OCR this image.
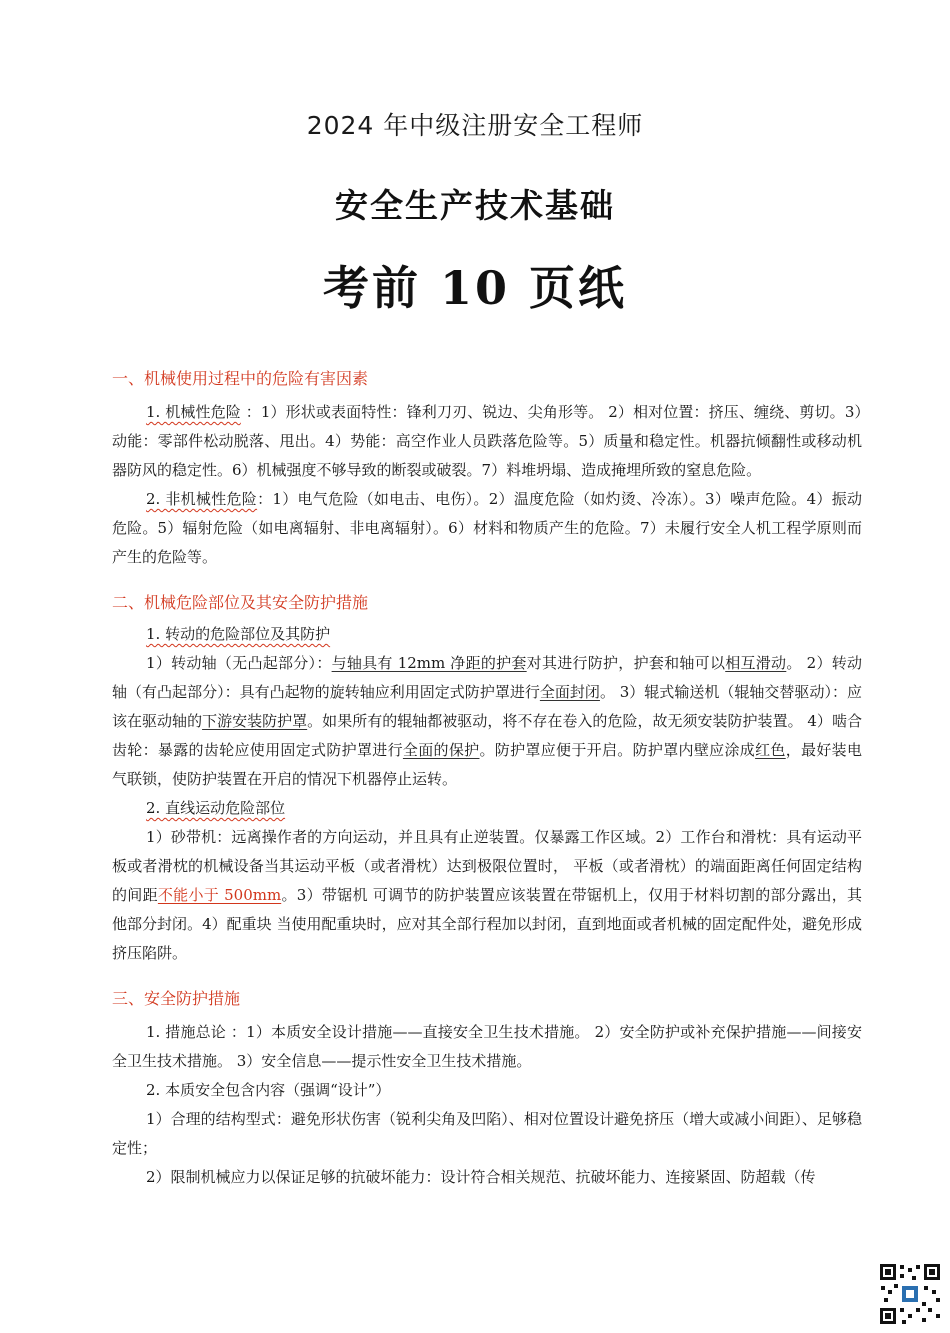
2024 年中级注册安全工程师
安全生产技术基础
考前 10 页纸
一、机械使用过程中的危险有害因素

1. 机械性危险 ：1）形状或表面特性：锋利刀刃、锐边、尖角形等。 2）相对位置：挤压、缠绕、剪切。3）动能：零部件松动脱落、甩出。4）势能：高空作业人员跌落危险等。5）质量和稳定性。机器抗倾翻性或移动机器防风的稳定性。6）机械强度不够导致的断裂或破裂。7）料堆坍塌、造成掩埋所致的窒息危险。

2. 非机械性危险：1）电气危险（如电击、电伤）。2）温度危险（如灼烫、冷冻）。3）噪声危险。4）振动危险。5）辐射危险（如电离辐射、非电离辐射）。6）材料和物质产生的危险。7）未履行安全人机工程学原则而产生的危险等。

二、机械危险部位及其安全防护措施

1. 转动的危险部位及其防护

1）转动轴（无凸起部分）：与轴具有 12mm 净距的护套对其进行防护，护套和轴可以相互滑动。 2）转动轴（有凸起部分）：具有凸起物的旋转轴应利用固定式防护罩进行全面封闭。 3）辊式输送机（辊轴交替驱动）：应该在驱动轴的下游安装防护罩。如果所有的辊轴都被驱动，将不存在卷入的危险，故无须安装防护装置。 4）啮合齿轮：暴露的齿轮应使用固定式防护罩进行全面的保护。防护罩应便于开启。防护罩内壁应涂成红色，最好装电气联锁，使防护装置在开启的情况下机器停止运转。

2. 直线运动危险部位

1）砂带机：远离操作者的方向运动，并且具有止逆装置。仅暴露工作区域。2）工作台和滑枕：具有运动平板或者滑枕的机械设备当其运动平板（或者滑枕）达到极限位置时， 平板（或者滑枕）的端面距离任何固定结构的间距不能小于 500mm。3）带锯机 可调节的防护装置应该装置在带锯机上，仅用于材料切割的部分露出，其他部分封闭。4）配重块 当使用配重块时，应对其全部行程加以封闭，直到地面或者机械的固定配件处，避免形成挤压陷阱。

三、安全防护措施

1. 措施总论 ：1）本质安全设计措施——直接安全卫生技术措施。 2）安全防护或补充保护措施——间接安全卫生技术措施。 3）安全信息——提示性安全卫生技术措施。

2. 本质安全包含内容（强调“设计”）

1）合理的结构型式：避免形状伤害（锐利尖角及凹陷）、相对位置设计避免挤压（增大或减小间距）、足够稳定性；

2）限制机械应力以保证足够的抗破坏能力：设计符合相关规范、抗破坏能力、连接紧固、防超载（传
